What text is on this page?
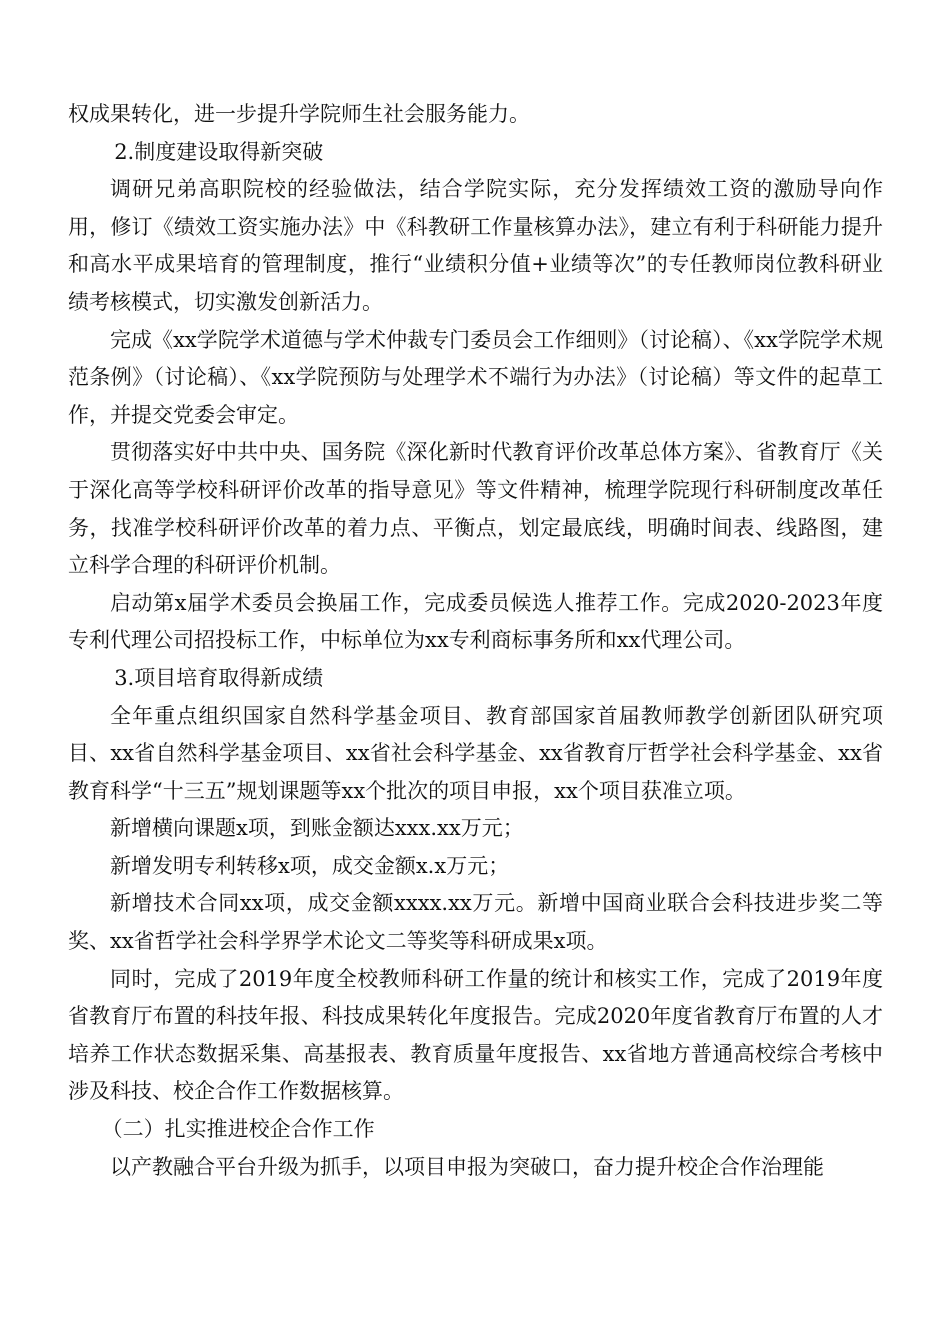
权成果转化，进一步提升学院师生社会服务能力。

2.制度建设取得新突破

调研兄弟高职院校的经验做法，结合学院实际，充分发挥绩效工资的激励导向作用，修订《绩效工资实施办法》中《科教研工作量核算办法》，建立有利于科研能力提升和高水平成果培育的管理制度，推行“业绩积分值+业绩等次”的专任教师岗位教科研业绩考核模式，切实激发创新活力。

完成《xx学院学术道德与学术仲裁专门委员会工作细则》（讨论稿）、《xx学院学术规范条例》（讨论稿）、《xx学院预防与处理学术不端行为办法》（讨论稿）等文件的起草工作，并提交党委会审定。

贯彻落实好中共中央、国务院《深化新时代教育评价改革总体方案》、省教育厅《关于深化高等学校科研评价改革的指导意见》等文件精神，梳理学院现行科研制度改革任务，找准学校科研评价改革的着力点、平衡点，划定最底线，明确时间表、线路图，建立科学合理的科研评价机制。

启动第x届学术委员会换届工作，完成委员候选人推荐工作。完成2020-2023年度专利代理公司招投标工作，中标单位为xx专利商标事务所和xx代理公司。

3.项目培育取得新成绩

全年重点组织国家自然科学基金项目、教育部国家首届教师教学创新团队研究项目、xx省自然科学基金项目、xx省社会科学基金、xx省教育厅哲学社会科学基金、xx省教育科学“十三五”规划课题等xx个批次的项目申报，xx个项目获准立项。

新增横向课题x项，到账金额达xxx.xx万元；

新增发明专利转移x项，成交金额x.x万元；

新增技术合同xx项，成交金额xxxx.xx万元。新增中国商业联合会科技进步奖二等奖、xx省哲学社会科学界学术论文二等奖等科研成果x项。

同时，完成了2019年度全校教师科研工作量的统计和核实工作，完成了2019年度省教育厅布置的科技年报、科技成果转化年度报告。完成2020年度省教育厅布置的人才培养工作状态数据采集、高基报表、教育质量年度报告、xx省地方普通高校综合考核中涉及科技、校企合作工作数据核算。

（二）扎实推进校企合作工作

以产教融合平台升级为抓手，以项目申报为突破口，奋力提升校企合作治理能
